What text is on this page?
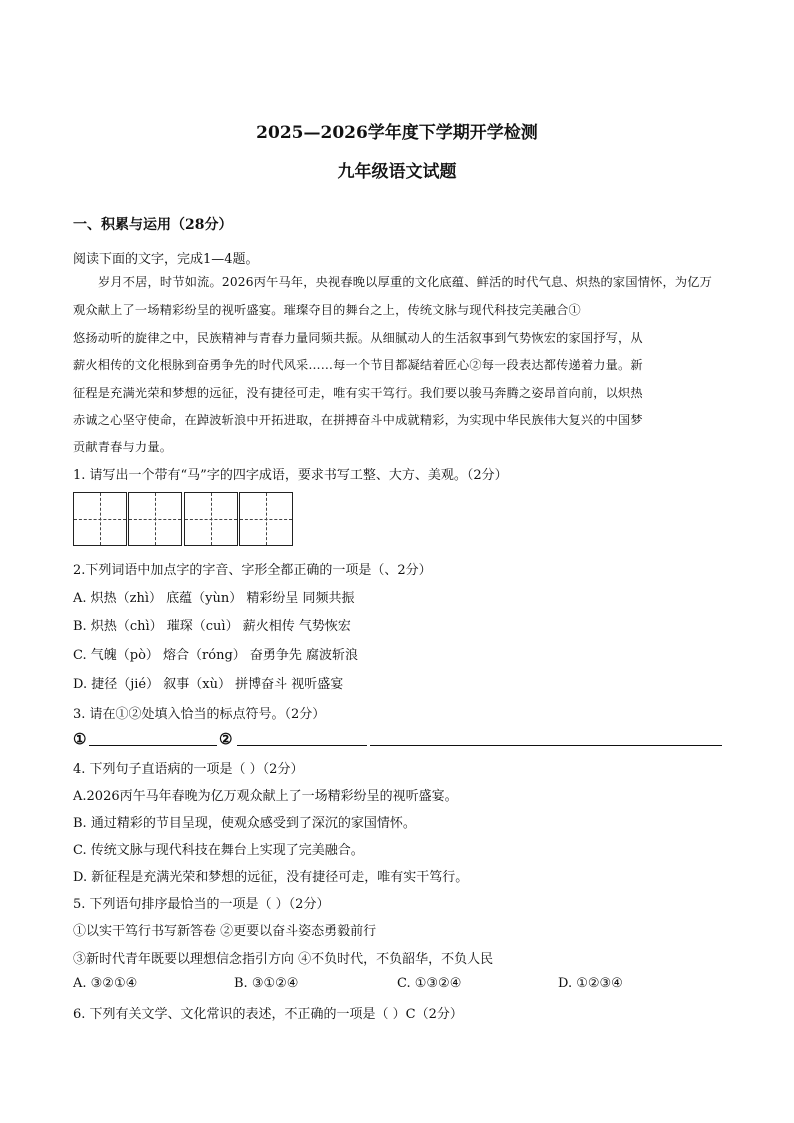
2025—2026学年度下学期开学检测
九年级语文试题
一、积累与运用（28分）
阅读下面的文字，完成1—4题。
岁月不居，时节如流。2026丙午马年，央视春晚以厚重的文化底蕴、鲜活的时代气息、炽热的家国情怀，为亿万
观众献上了一场精彩纷呈的视听盛宴。璀璨夺目的舞台之上，传统文脉与现代科技完美融合①
悠扬动听的旋律之中，民族精神与青春力量同频共振。从细腻动人的生活叙事到气势恢宏的家国抒写，从
薪火相传的文化根脉到奋勇争先的时代风采……每一个节目都凝结着匠心②每一段表达都传递着力量。新
征程是充满光荣和梦想的远征，没有捷径可走，唯有实干笃行。我们要以骏马奔腾之姿昂首向前，以炽热
赤诚之心坚守使命，在踔波斩浪中开拓进取，在拼搏奋斗中成就精彩，为实现中华民族伟大复兴的中国梦
贡献青春与力量。
1. 请写出一个带有“马”字的四字成语，要求书写工整、大方、美观。（2分）
2.下列词语中加点字的字音、字形全都正确的一项是（、2分）
A. 炽热（zhì） 底蕴（yùn） 精彩纷呈 同频共振
B. 炽热（chì） 璀琛（cuì） 薪火相传 气势恢宏
C. 气魄（pò） 熔合（róng） 奋勇争先 腐波斩浪
D. 捷径（jié） 叙事（xù） 拼博奋斗 视听盛宴
3. 请在①②处填入恰当的标点符号。（2分）
①	②
4. 下列句子直语病的一项是（ ）（2分）
A.2026丙午马年春晚为亿万观众献上了一场精彩纷呈的视听盛宴。
B. 通过精彩的节目呈现，使观众感受到了深沉的家国情怀。
C. 传统文脉与现代科技在舞台上实现了完美融合。
D. 新征程是充满光荣和梦想的远征，没有捷径可走，唯有实干笃行。
5. 下列语句排序最恰当的一项是（ ）（2分）
①以实干笃行书写新答卷 ②更要以奋斗姿态勇毅前行
③新时代青年既要以理想信念指引方向 ④不负时代，不负韶华，不负人民
A. ③②①④	B. ③①②④	C. ①③②④	D. ①②③④
6. 下列有关文学、文化常识的表述，不正确的一项是（ ）C（2分）
